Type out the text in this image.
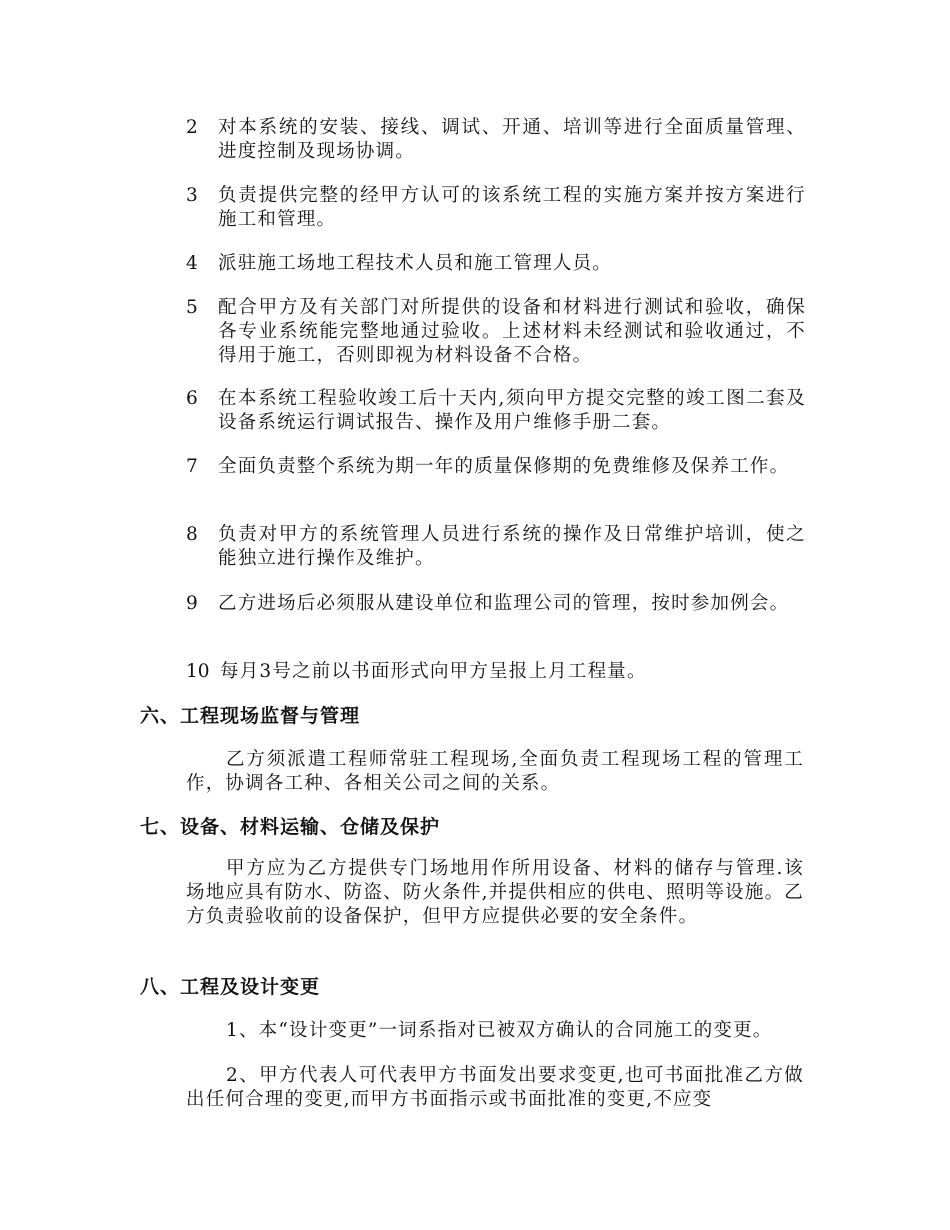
2	对本系统的安装、接线、调试、开通、培训等进行全面质量管理、进度控制及现场协调。
3	负责提供完整的经甲方认可的该系统工程的实施方案并按方案进行施工和管理。
4	派驻施工场地工程技术人员和施工管理人员。
5	配合甲方及有关部门对所提供的设备和材料进行测试和验收，确保各专业系统能完整地通过验收。上述材料未经测试和验收通过，不得用于施工，否则即视为材料设备不合格。
6	在本系统工程验收竣工后十天内,须向甲方提交完整的竣工图二套及设备系统运行调试报告、操作及用户维修手册二套。
7	全面负责整个系统为期一年的质量保修期的免费维修及保养工作。
8	负责对甲方的系统管理人员进行系统的操作及日常维护培训，使之能独立进行操作及维护。
9	乙方进场后必须服从建设单位和监理公司的管理，按时参加例会。
10 每月3号之前以书面形式向甲方呈报上月工程量。
六、工程现场监督与管理
乙方须派遣工程师常驻工程现场,全面负责工程现场工程的管理工作，协调各工种、各相关公司之间的关系。
七、设备、材料运输、仓储及保护
甲方应为乙方提供专门场地用作所用设备、材料的储存与管理.该场地应具有防水、防盗、防火条件,并提供相应的供电、照明等设施。乙方负责验收前的设备保护，但甲方应提供必要的安全条件。
八、工程及设计变更
1、本“设计变更”一词系指对已被双方确认的合同施工的变更。
2、甲方代表人可代表甲方书面发出要求变更,也可书面批准乙方做出任何合理的变更,而甲方书面指示或书面批准的变更,不应变
